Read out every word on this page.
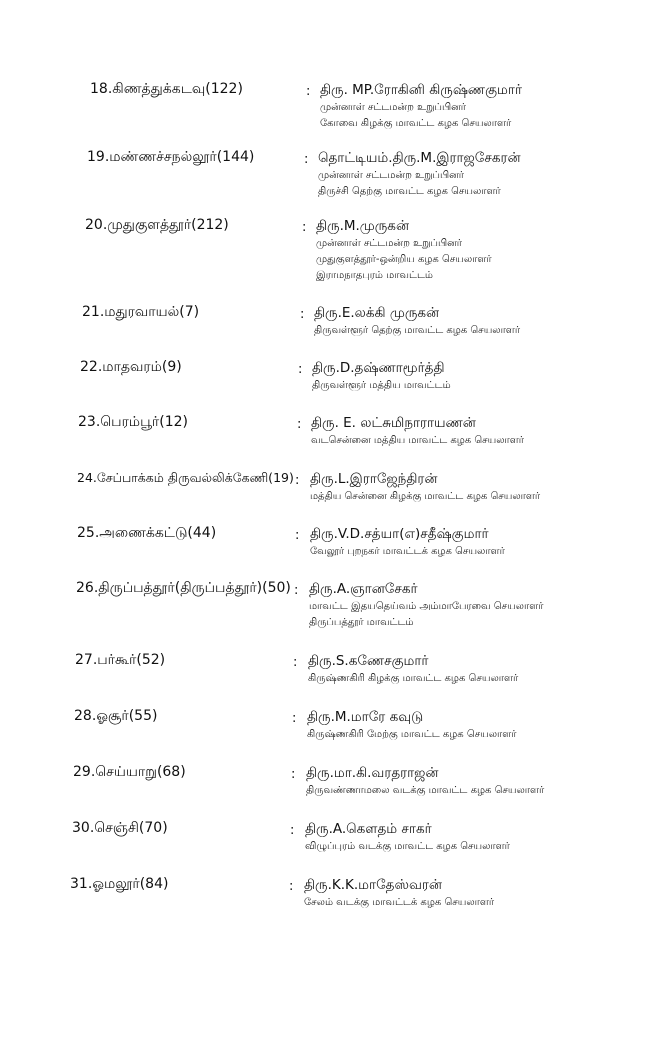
18.கிணத்துக்கடவு(122)	: திரு. MP.ரோகினி கிருஷ்ணகுமார்
முன்னாள் சட்டமன்ற உறுப்பினர்
கோவை கிழக்கு மாவட்ட கழக செயலாளர்
19.மண்ணச்சநல்லூர்(144)	: தொட்டியம்.திரு.M.இராஜசேகரன்
முன்னாள் சட்டமன்ற உறுப்பினர்
திருச்சி தெற்கு மாவட்ட கழக செயலாளர்
20.முதுகுளத்தூர்(212)	: திரு.M.முருகன்
முன்னாள் சட்டமன்ற உறுப்பினர்
முதுகுளத்தூர்-ஒன்றிய கழக செயலாளர்
இராமநாதபுரம் மாவட்டம்
21.மதுரவாயல்(7)	: திரு.E.லக்கி முருகன்
திருவள்ளூர் தெற்கு மாவட்ட கழக செயலாளர்
22.மாதவரம்(9)	: திரு.D.தஷ்ணாமூர்த்தி
திருவள்ளூர் மத்திய மாவட்டம்
23.பெரம்பூர்(12)	: திரு. E. லட்சுமிநாராயணன்
வடசென்னை மத்திய மாவட்ட கழக செயலாளர்
24.சேப்பாக்கம் திருவல்லிக்கேணி(19) : திரு.L.இராஜேந்திரன்
மத்திய சென்னை கிழக்கு மாவட்ட கழக செயலாளர்
25.அணைக்கட்டு(44)	: திரு.V.D.சத்யா(எ)சதீஷ்குமார்
வேலூர் புறநகர் மாவட்டக் கழக செயலாளர்
26.திருப்பத்தூர்(திருப்பத்தூர்)(50) : திரு.A.ஞானசேகர்
மாவட்ட இதயதெய்வம் அம்மாபேரவை செயலாளர்
திருப்பத்தூர் மாவட்டம்
27.பர்கூர்(52)	: திரு.S.கணேசகுமார்
கிருஷ்ணகிரி கிழக்கு மாவட்ட கழக செயலாளர்
28.ஓசூர்(55)	: திரு.M.மாரே கவுடு
கிருஷ்ணகிரி மேற்கு மாவட்ட கழக செயலாளர்
29.செய்யாறு(68)	: திரு.மா.கி.வரதராஜன்
திருவண்ணாமலை வடக்கு மாவட்ட கழக செயலாளர்
30.செஞ்சி(70)	: திரு.A.கௌதம் சாகர்
விழுப்புரம் வடக்கு மாவட்ட கழக செயலாளர்
31.ஓமலூர்(84)	: திரு.K.K.மாதேஸ்வரன்
சேலம் வடக்கு மாவட்டக் கழக செயலாளர்
